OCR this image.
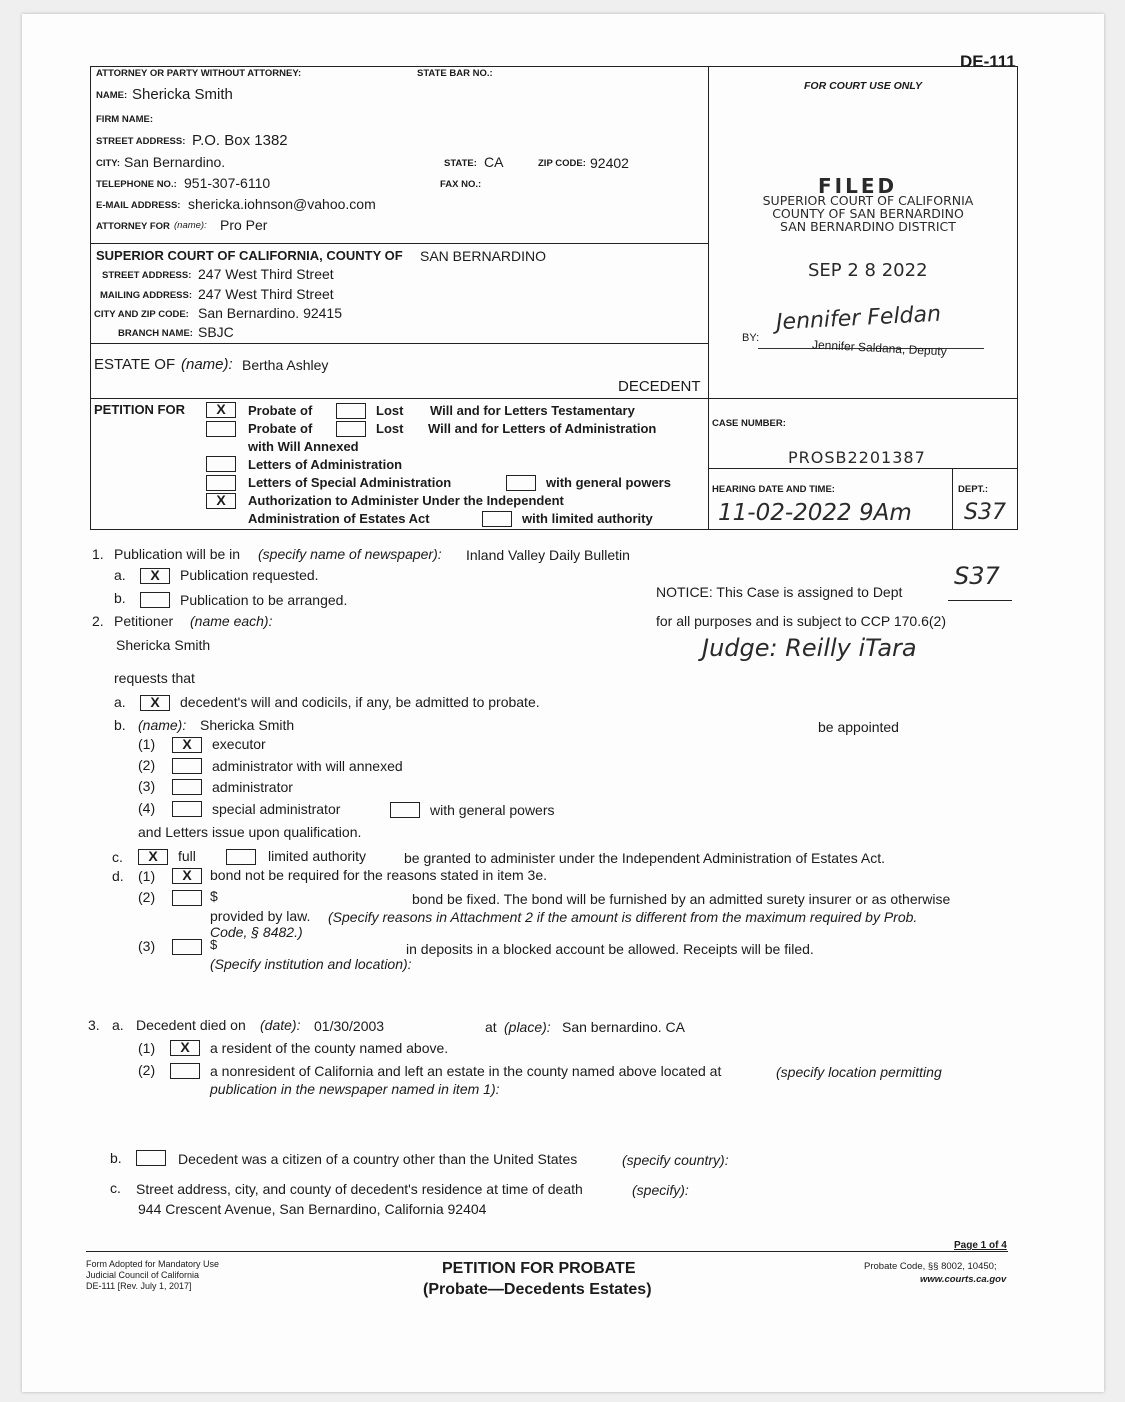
DE-111
ATTORNEY OR PARTY WITHOUT ATTORNEY:	STATE BAR NO.:
FOR COURT USE ONLY
NAME: Shericka Smith
FIRM NAME:
STREET ADDRESS: P.O. Box 1382
CITY: San Bernardino.	STATE: CA	ZIP CODE: 92402
TELEPHONE NO.: 951-307-6110	FAX NO.:
E-MAIL ADDRESS: shericka.iohnson@vahoo.com
ATTORNEY FOR (name): Pro Per
SUPERIOR COURT OF CALIFORNIA, COUNTY OF SAN BERNARDINO
STREET ADDRESS: 247 West Third Street
MAILING ADDRESS: 247 West Third Street
CITY AND ZIP CODE: San Bernardino. 92415
BRANCH NAME: SBJC
ESTATE OF (name): Bertha Ashley
DECEDENT
FILED
SUPERIOR COURT OF CALIFORNIA
COUNTY OF SAN BERNARDINO
SAN BERNARDINO DISTRICT
SEP 2 8 2022
BY:
Jennifer Feldan
Jennifer Saldana, Deputy
PETITION FOR	X	Probate of	Lost Will and for Letters Testamentary
Probate of	Lost Will and for Letters of Administration
with Will Annexed
Letters of Administration
Letters of Special Administration	with general powers
X	Authorization to Administer Under the Independent
Administration of Estates Act	with limited authority
CASE NUMBER:
PROSB2201387
HEARING DATE AND TIME:
11-02-2022 9Am
DEPT.:
S37
1. Publication will be in (specify name of newspaper): Inland Valley Daily Bulletin
a.	X	Publication requested.
b.	Publication to be arranged.	NOTICE: This Case is assigned to Dept
S37
for all purposes and is subject to CCP 170.6(2)
Judge: Reilly iTara
2. Petitioner (name each):
Shericka Smith
requests that
a.	X	decedent's will and codicils, if any, be admitted to probate.
b. (name): Shericka Smith	be appointed
(1)	X	executor
(2)	administrator with will annexed
(3)	administrator
(4)	special administrator	with general powers
and Letters issue upon qualification.
c.	X	full	limited authority	be granted to administer under the Independent Administration of Estates Act.
d. (1)	X	bond not be required for the reasons stated in item 3e.
(2)	$	bond be fixed. The bond will be furnished by an admitted surety insurer or as otherwise
provided by law. (Specify reasons in Attachment 2 if the amount is different from the maximum required by Prob.
Code, § 8482.)
(3)	$	in deposits in a blocked account be allowed. Receipts will be filed.
(Specify institution and location):
3. a. Decedent died on (date): 01/30/2003	at (place): San bernardino. CA
(1)	X	a resident of the county named above.
(2)	a nonresident of California and left an estate in the county named above located at	(specify location permitting
publication in the newspaper named in item 1):
b.	Decedent was a citizen of a country other than the United States	(specify country):
c. Street address, city, and county of decedent's residence at time of death	(specify):
944 Crescent Avenue, San Bernardino, California 92404
Page 1 of 4
Form Adopted for Mandatory Use
Judicial Council of California
DE-111 [Rev. July 1, 2017]
PETITION FOR PROBATE
(Probate—Decedents Estates)
Probate Code, §§ 8002, 10450;
www.courts.ca.gov
